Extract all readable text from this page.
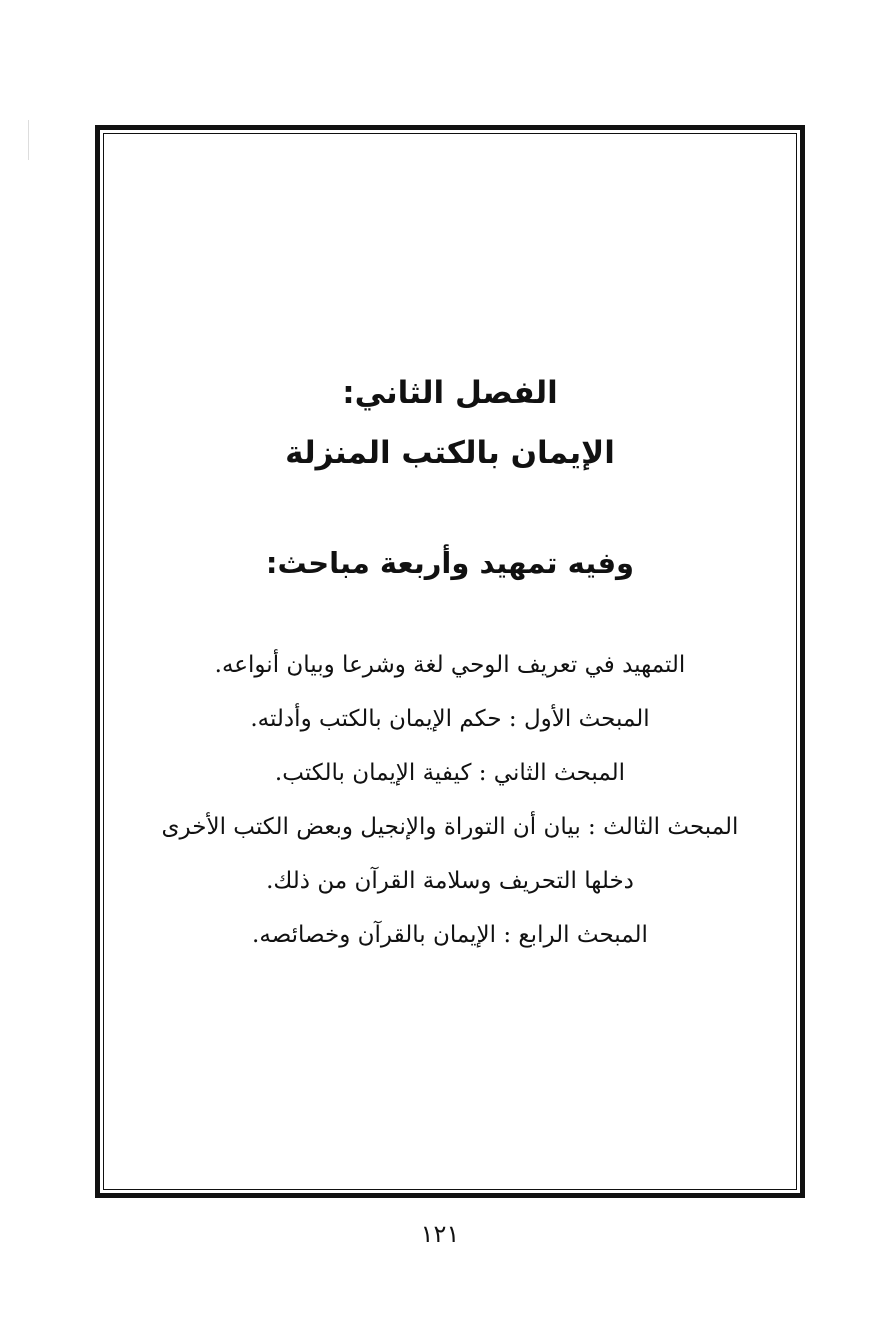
الفصل الثاني:
الإيمان بالكتب المنزلة
وفيه تمهيد وأربعة مباحث:
التمهيد في تعريف الوحي لغة وشرعا وبيان أنواعه.
المبحث الأول : حكم الإيمان بالكتب وأدلته.
المبحث الثاني : كيفية الإيمان بالكتب.
المبحث الثالث : بيان أن التوراة والإنجيل وبعض الكتب الأخرى
دخلها التحريف وسلامة القرآن من ذلك.
المبحث الرابع : الإيمان بالقرآن وخصائصه.
١٢١
